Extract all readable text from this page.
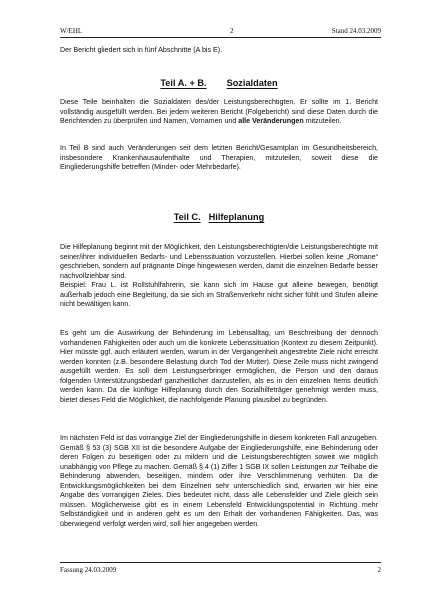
W/EHL	2	Stand 24.03.2009

Der Bericht gliedert sich in fünf Abschnitte (A bis E).

Teil A. + B. Sozialdaten

Diese Teile beinhalten die Sozialdaten des/der Leistungsberechtigten. Er sollte im 1. Bericht vollständig ausgefüllt werden. Bei jedem weiteren Bericht (Folgebericht) sind diese Daten durch die Berichtenden zu überprüfen und Namen, Vornamen und alle Veränderungen mitzuteilen.

In Teil B sind auch Veränderungen seit dem letzten Bericht/Gesamtplan im Gesundheitsbereich, insbesondere Krankenhausaufenthalte und Therapien, mitzuteilen, soweit diese die Eingliederungshilfe betreffen (Minder- oder Mehrbedarfe).

Teil C. Hilfeplanung

Die Hilfeplanung beginnt mit der Möglichkeit, den Leistungsberechtigten/die Leistungsberechtigte mit seiner/ihrer individuellen Bedarfs- und Lebenssituation vorzustellen. Hierbei sollen keine „Romane“ geschrieben, sondern auf prägnante Dinge hingewiesen werden, damit die einzelnen Bedarfe besser nachvollziehbar sind.

Beispiel: Frau L. ist Rollstuhlfahrerin, sie kann sich im Hause gut alleine bewegen, benötigt außerhalb jedoch eine Begleitung, da sie sich im Straßenverkehr nicht sicher fühlt und Stufen alleine nicht bewältigen kann.

Es geht um die Auswirkung der Behinderung im Lebensalltag, um Beschreibung der dennoch vorhandenen Fähigkeiten oder auch um die konkrete Lebenssituation (Kontext zu diesem Zeitpunkt). Hier müsste ggf. auch erläutert werden, warum in der Vergangenheit angestrebte Ziele nicht erreicht werden konnten (z.B. besondere Belastung durch Tod der Mutter). Diese Zeile muss nicht zwingend ausgefüllt werden. Es soll dem Leistungserbringer ermöglichen, die Person und den daraus folgenden Unterstützungsbedarf ganzheitlicher darzustellen, als es in den einzelnen Items deutlich werden kann. Da die künftige Hilfeplanung durch den Sozialhilfeträger genehmigt werden muss, bietet dieses Feld die Möglichkeit, die nachfolgende Planung plausibel zu begründen.

Im nächsten Feld ist das vorrangige Ziel der Eingliederungshilfe in diesem konkreten Fall anzugeben. Gemäß § 53 (3) SGB XII ist die besondere Aufgabe der Eingliederungshilfe, eine Behinderung oder deren Folgen zu beseitigen oder zu mildern und die Leistungsberechtigten soweit wie möglich unabhängig von Pflege zu machen. Gemäß § 4 (1) Ziffer 1 SGB IX sollen Leistungen zur Teilhabe die Behinderung abwenden, beseitigen, mindern oder ihre Verschlimmerung verhüten. Da die Entwicklungsmöglichkeiten bei dem Einzelnen sehr unterschiedlich sind, erwarten wir hier eine Angabe des vorrangigen Zieles. Dies bedeutet nicht, dass alle Lebensfelder und Ziele gleich sein müssen. Möglicherweise gibt es in einem Lebensfeld Entwicklungspotential in Richtung mehr Selbständigkeit und in anderen geht es um den Erhalt der vorhandenen Fähigkeiten. Das, was überwiegend verfolgt werden wird, soll hier angegeben werden.

Fassung 24.03.2009	2
